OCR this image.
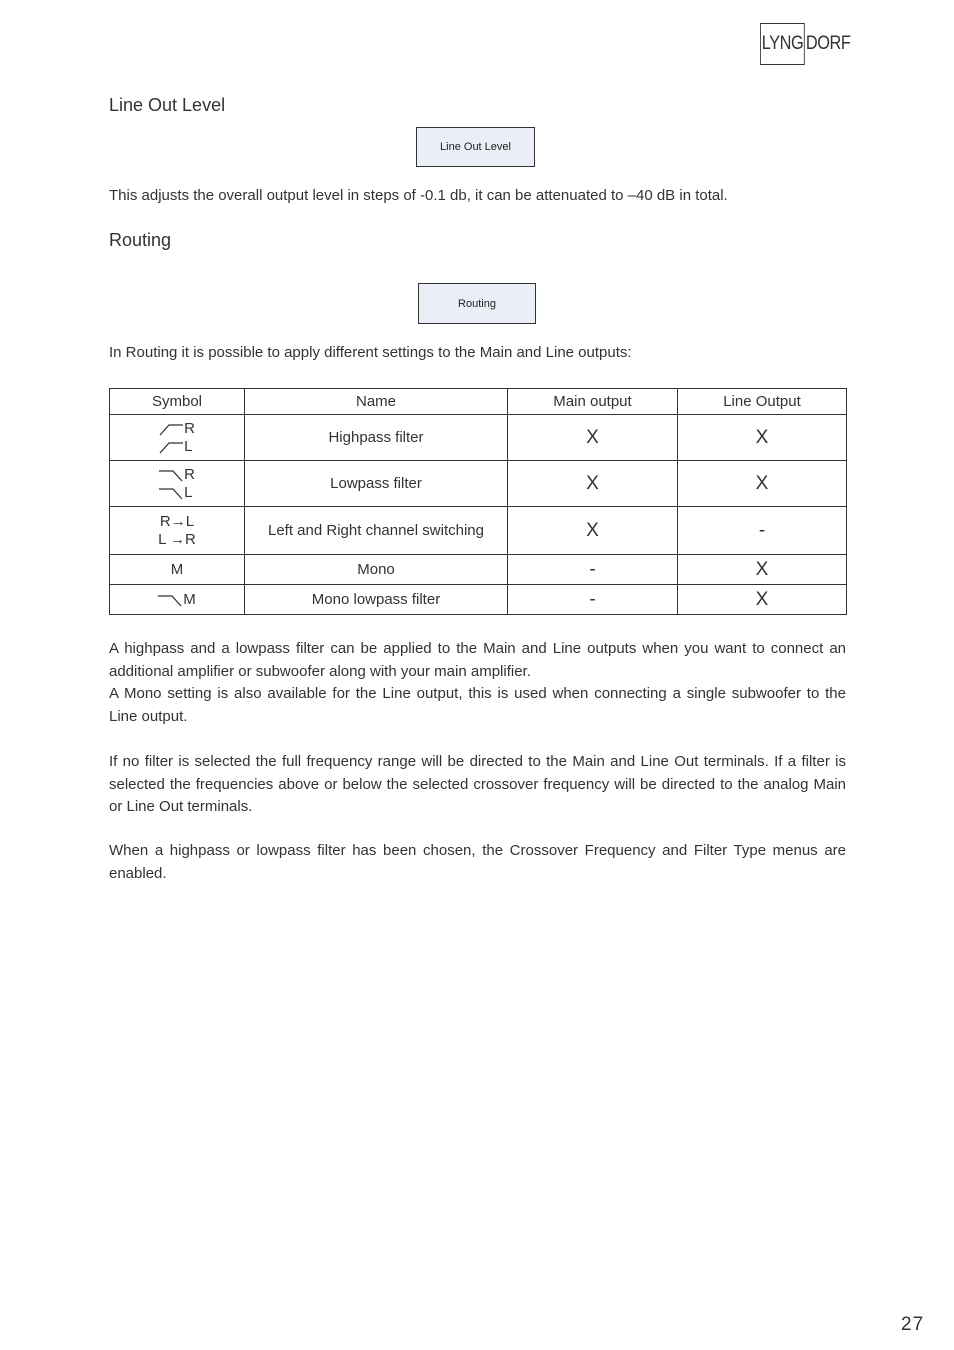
LYNG DORF
Line Out Level
Line Out Level

This adjusts the overall output level in steps of -0.1 db, it can be attenuated to –40 dB in total.

Routing
Routing

In Routing it is possible to apply different settings to the Main and Line outputs:

Symbol	Name	Main output	Line Output

R
L	Highpass filter	X	X

R
L	Lowpass filter	X	X

R→L
L →R	Left and Right channel switching	X	-
M	Mono	-	X

M	Mono lowpass filter	-	X

A highpass and a lowpass filter can be applied to the Main and Line outputs when you want to connect an additional amplifier or subwoofer along with your main amplifier.

A Mono setting is also available for the Line output, this is used when connecting a single subwoofer to the Line output.

If no filter is selected the full frequency range will be directed to the Main and Line Out terminals. If a filter is selected the frequencies above or below the selected crossover frequency will be directed to the analog Main or Line Out terminals.

When a highpass or lowpass filter has been chosen, the Crossover Frequency and Filter Type menus are enabled.

27
